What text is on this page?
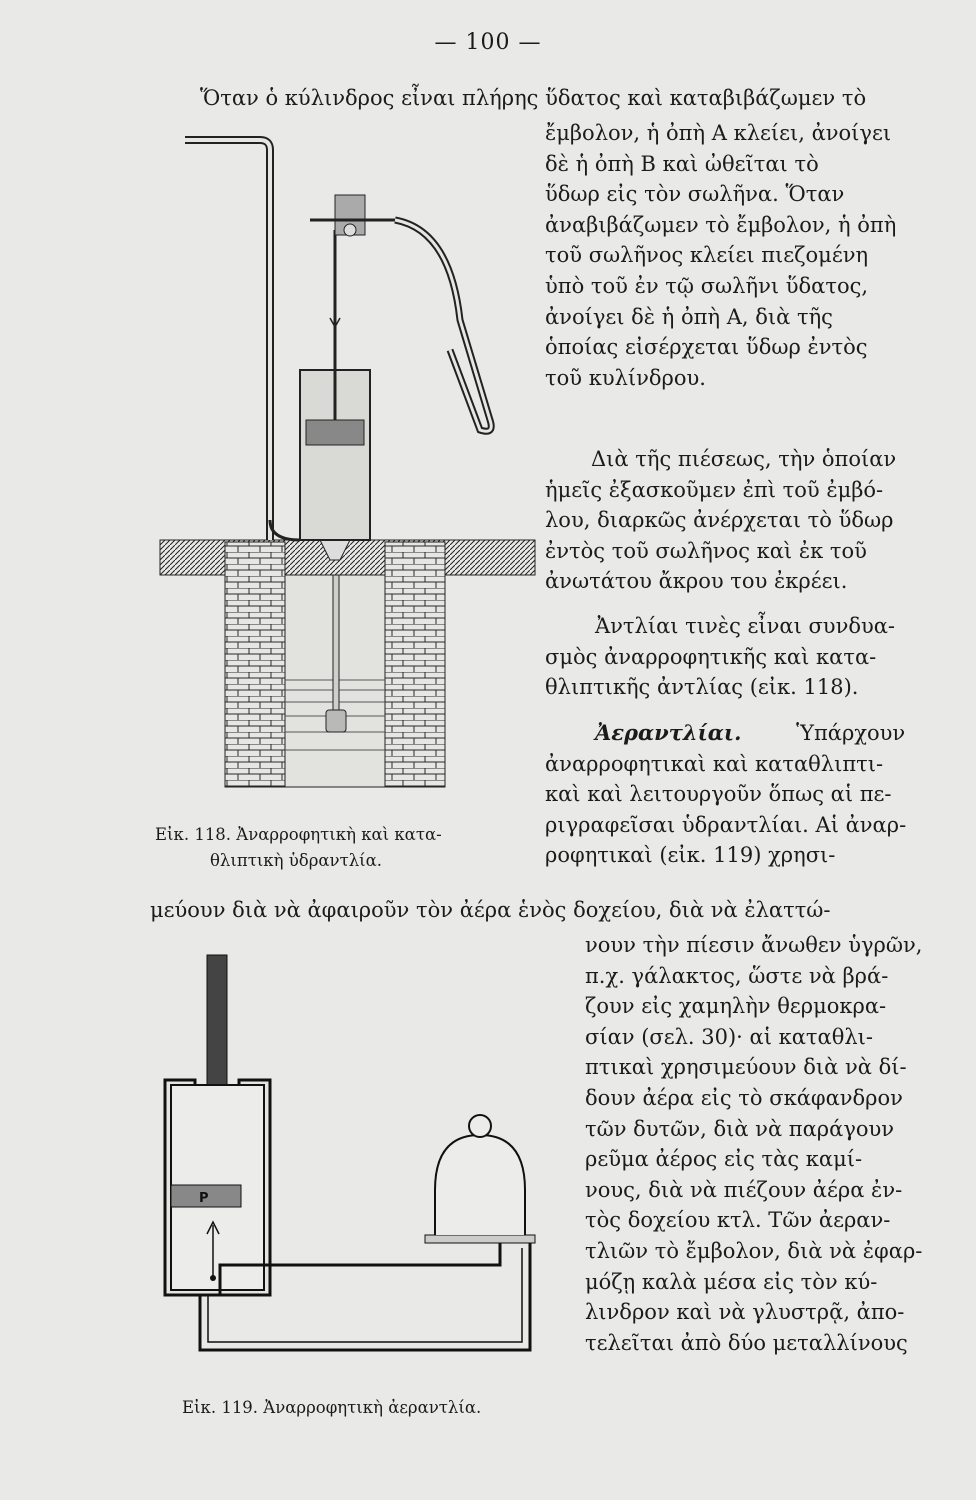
— 100 —
Ὅταν ὁ κύλινδρος εἶναι πλήρης ὕδατος καὶ καταβιβάζωμεν τὸ
ἔμβολον, ἡ ὀπὴ Α κλείει, ἀνοίγει
δὲ ἡ ὀπὴ Β καὶ ὠθεῖται τὸ
ὕδωρ εἰς τὸν σωλῆνα. Ὅταν
ἀναβιβάζωμεν τὸ ἔμβολον, ἡ ὀπὴ
τοῦ σωλῆνος κλείει πιεζομένη
ὑπὸ τοῦ ἐν τῷ σωλῆνι ὕδατος,
ἀνοίγει δὲ ἡ ὀπὴ Α, διὰ τῆς
ὁποίας εἰσέρχεται ὕδωρ ἐντὸς
τοῦ κυλίνδρου.
Διὰ τῆς πιέσεως, τὴν ὁποίαν
ἡμεῖς ἐξασκοῦμεν ἐπὶ τοῦ ἐμβό-
λου, διαρκῶς ἀνέρχεται τὸ ὕδωρ
ἐντὸς τοῦ σωλῆνος καὶ ἐκ τοῦ
ἀνωτάτου ἄκρου του ἐκρέει.
Ἀντλίαι τινὲς εἶναι συνδυα-
σμὸς ἀναρροφητικῆς καὶ κατα-
θλιπτικῆς ἀντλίας (εἰκ. 118).
Ἀεραντλίαι.	Ὑπάρχουν
ἀναρροφητικαὶ καὶ καταθλιπτι-
καὶ καὶ λειτουργοῦν ὅπως αἱ πε-
ριγραφεῖσαι ὑδραντλίαι. Αἱ ἀναρ-
ροφητικαὶ (εἰκ. 119) χρησι-
μεύουν διὰ νὰ ἀφαιροῦν τὸν ἀέρα ἑνὸς δοχείου, διὰ νὰ ἐλαττώ-
νουν τὴν πίεσιν ἄνωθεν ὑγρῶν,
π.χ. γάλακτος, ὥστε νὰ βρά-
ζουν εἰς χαμηλὴν θερμοκρα-
σίαν (σελ. 30)· αἱ καταθλι-
πτικαὶ χρησιμεύουν διὰ νὰ δί-
δουν ἀέρα εἰς τὸ σκάφανδρον
τῶν δυτῶν, διὰ νὰ παράγουν
ρεῦμα ἀέρος εἰς τὰς καμί-
νους, διὰ νὰ πιέζουν ἀέρα ἐν-
τὸς δοχείου κτλ. Τῶν ἀεραν-
τλιῶν τὸ ἔμβολον, διὰ νὰ ἐφαρ-
μόζῃ καλὰ μέσα εἰς τὸν κύ-
λινδρον καὶ νὰ γλυστρᾷ, ἀπο-
τελεῖται ἀπὸ δύο μεταλλίνους
Εἰκ. 118. Ἀναρροφητικὴ καὶ κατα-
θλιπτικὴ ὑδραντλία.
P
Εἰκ. 119. Ἀναρροφητικὴ ἀεραντλία.
